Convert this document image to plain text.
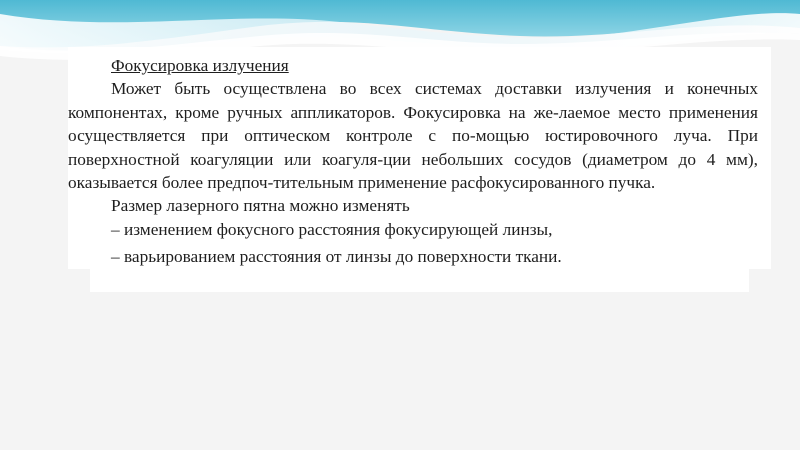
Фокусировка излучения

Может быть осуществлена во всех системах доставки излучения и конечных компонентах, кроме ручных аппликаторов. Фокусировка на же-лаемое место применения осуществляется при оптическом контроле с по-мощью юстировочного луча. При поверхностной коагуляции или коагуля-ции небольших сосудов (диаметром до 4 мм), оказывается более предпоч-тительным применение расфокусированного пучка.

Размер лазерного пятна можно изменять

– изменением фокусного расстояния фокусирующей линзы,

– варьированием расстояния от линзы до поверхности ткани.
